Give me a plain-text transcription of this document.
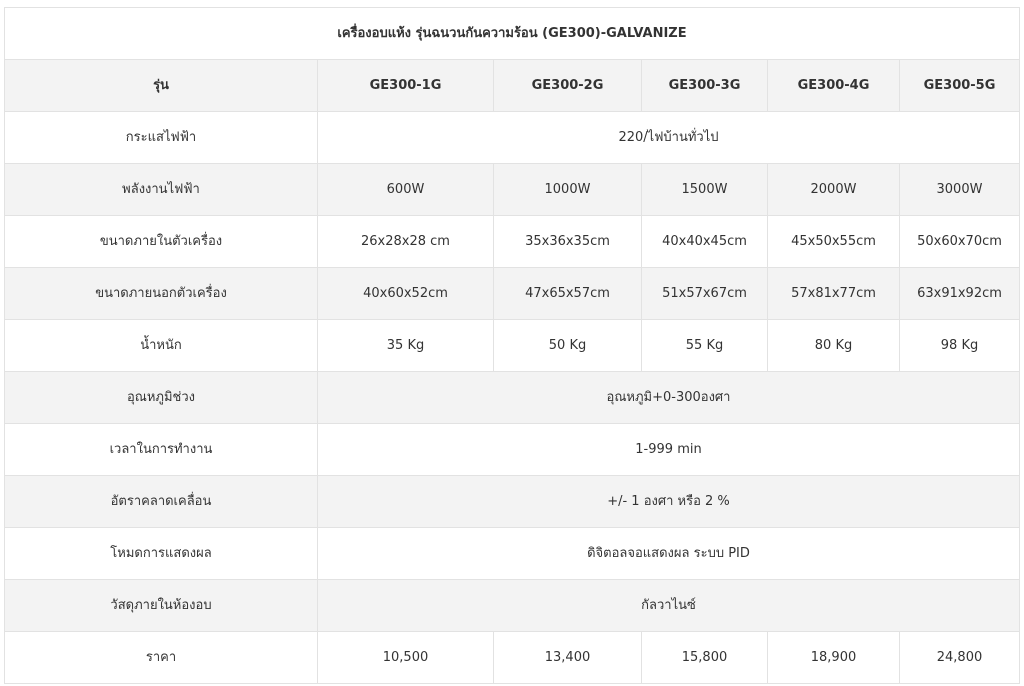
เครื่องอบแห้ง รุ่นฉนวนกันความร้อน (GE300)-GALVANIZE					
รุ่น	GE300-1G	GE300-2G	GE300-3G	GE300-4G	GE300-5G
กระแสไฟฟ้า	220/ไฟบ้านทั่วไป				
พลังงานไฟฟ้า	600W	1000W	1500W	2000W	3000W
ขนาดภายในตัวเครื่อง	26x28x28 cm	35x36x35cm	40x40x45cm	45x50x55cm	50x60x70cm
ขนาดภายนอกตัวเครื่อง	40x60x52cm	47x65x57cm	51x57x67cm	57x81x77cm	63x91x92cm
น้ำหนัก	35 Kg	50 Kg	55 Kg	80 Kg	98 Kg
อุณหภูมิช่วง	อุณหภูมิ+0-300องศา				
เวลาในการทำงาน	1-999 min				
อัตราคลาดเคลื่อน	+/- 1 องศา หรือ 2 %				
โหมดการแสดงผล	ดิจิตอลจอแสดงผล ระบบ PID				
วัสดุภายในห้องอบ	กัลวาไนซ์				
ราคา	10,500	13,400	15,800	18,900	24,800
